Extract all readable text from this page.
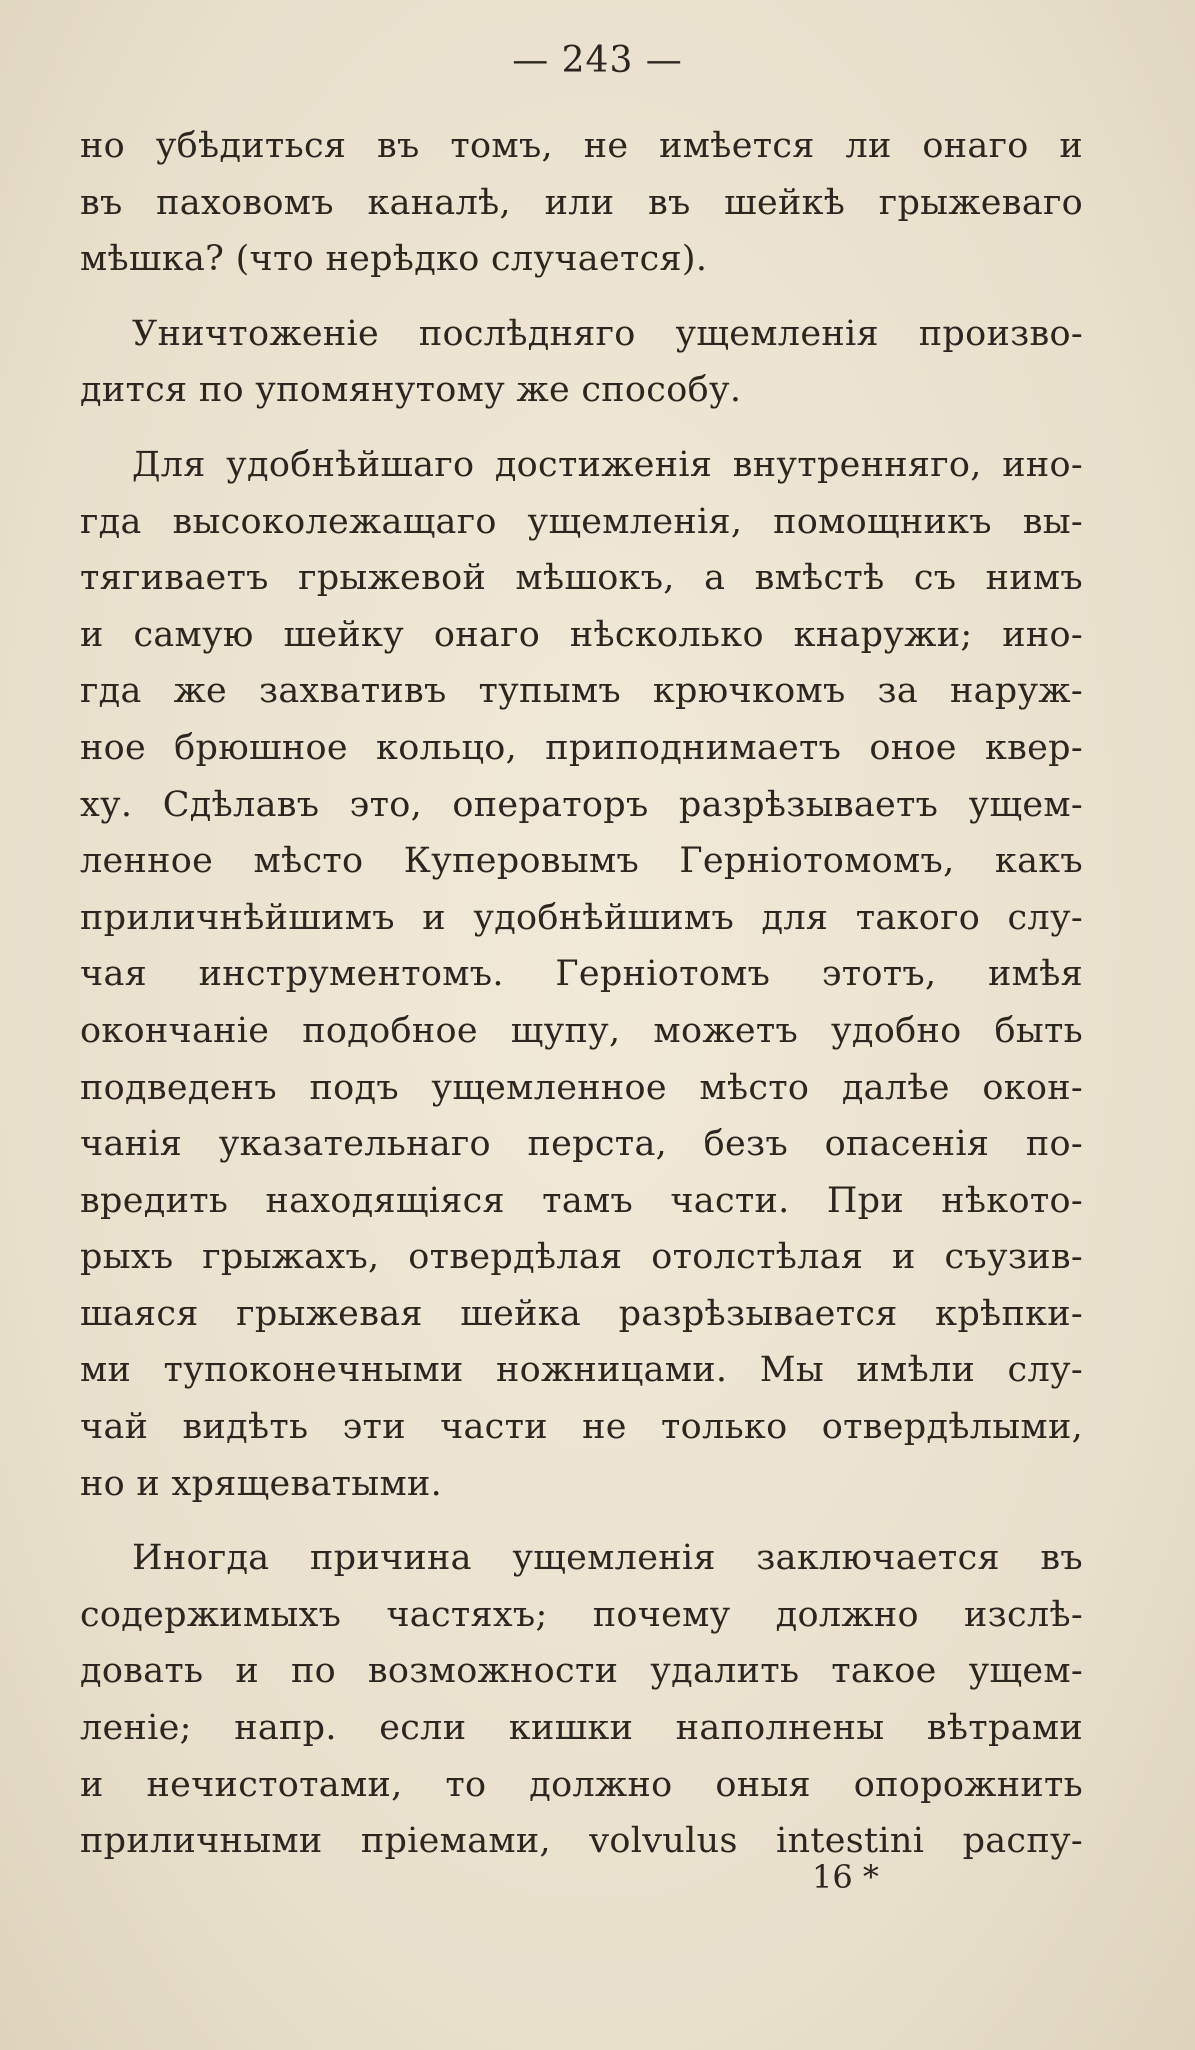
— 243 —
но убѣдиться въ томъ, не имѣется ли онаго и
въ паховомъ каналѣ, или въ шейкѣ грыжеваго
мѣшка? (что нерѣдко случается).
Уничтоженіе послѣдняго ущемленія произво-
дится по упомянутому же способу.
Для удобнѣйшаго достиженія внутренняго, ино-
гда высоколежащаго ущемленія, помощникъ вы-
тягиваетъ грыжевой мѣшокъ, а вмѣстѣ съ нимъ
и самую шейку онаго нѣсколько кнаружи; ино-
гда же захвативъ тупымъ крючкомъ за наруж-
ное брюшное кольцо, приподнимаетъ оное квер-
ху. Сдѣлавъ это, операторъ разрѣзываетъ ущем-
ленное мѣсто Куперовымъ Герніотомомъ, какъ
приличнѣйшимъ и удобнѣйшимъ для такого слу-
чая инструментомъ. Герніотомъ этотъ, имѣя
окончаніе подобное щупу, можетъ удобно быть
подведенъ подъ ущемленное мѣсто далѣе окон-
чанія указательнаго перста, безъ опасенія по-
вредить находящіяся тамъ части. При нѣкото-
рыхъ грыжахъ, отвердѣлая отолстѣлая и съузив-
шаяся грыжевая шейка разрѣзывается крѣпки-
ми тупоконечными ножницами. Мы имѣли слу-
чай видѣть эти части не только отвердѣлыми,
но и хрящеватыми.
Иногда причина ущемленія заключается въ
содержимыхъ частяхъ; почему должно изслѣ-
довать и по возможности удалить такое ущем-
леніе; напр. если кишки наполнены вѣтрами
и нечистотами, то должно оныя опорожнить
приличными пріемами, volvulus intestini распу-
16 *
